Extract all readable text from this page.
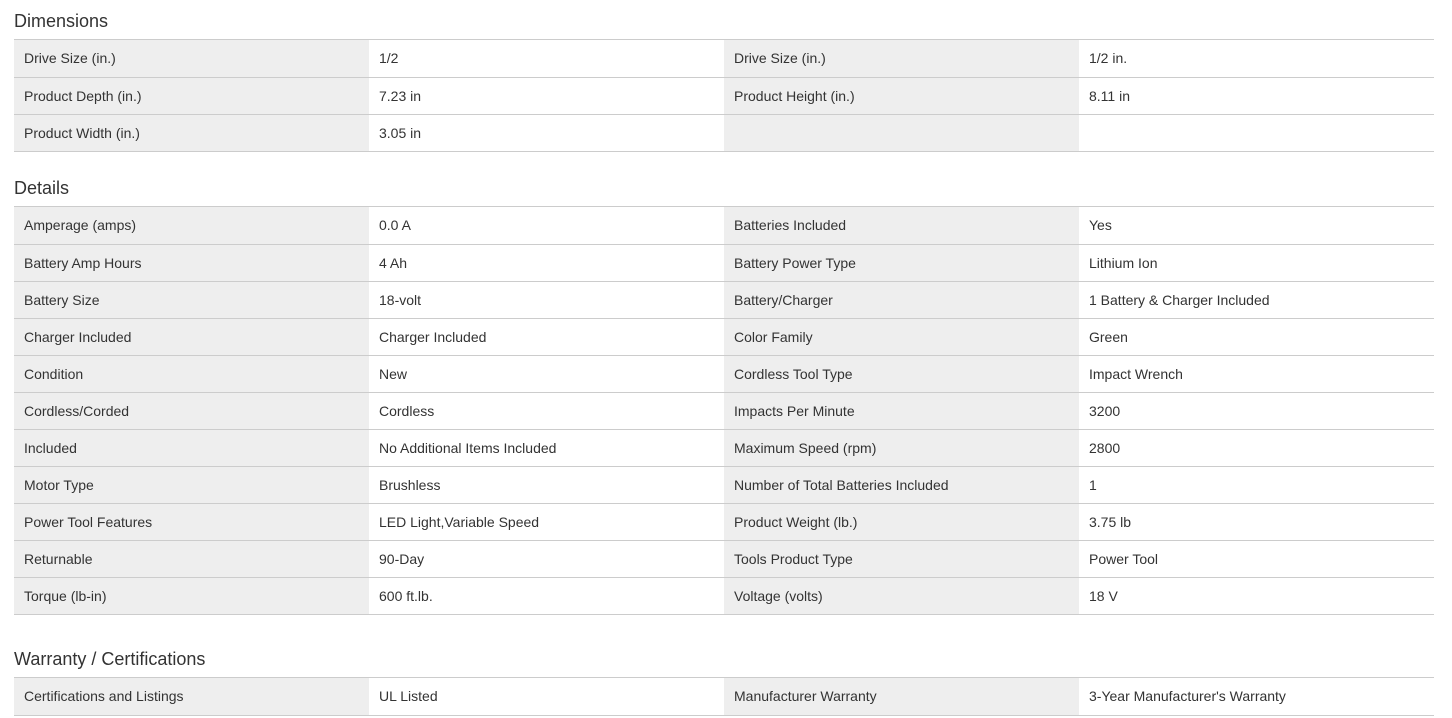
Dimensions
Drive Size (in.)	1/2	Drive Size (in.)	1/2 in.
Product Depth (in.)	7.23 in	Product Height (in.)	8.11 in
Product Width (in.)	3.05 in		
Details
Amperage (amps)	0.0 A	Batteries Included	Yes
Battery Amp Hours	4 Ah	Battery Power Type	Lithium Ion
Battery Size	18-volt	Battery/Charger	1 Battery & Charger Included
Charger Included	Charger Included	Color Family	Green
Condition	New	Cordless Tool Type	Impact Wrench
Cordless/Corded	Cordless	Impacts Per Minute	3200
Included	No Additional Items Included	Maximum Speed (rpm)	2800
Motor Type	Brushless	Number of Total Batteries Included	1
Power Tool Features	LED Light,Variable Speed	Product Weight (lb.)	3.75 lb
Returnable	90-Day	Tools Product Type	Power Tool
Torque (lb-in)	600 ft.lb.	Voltage (volts)	18 V
Warranty / Certifications
Certifications and Listings	UL Listed	Manufacturer Warranty	3-Year Manufacturer's Warranty
